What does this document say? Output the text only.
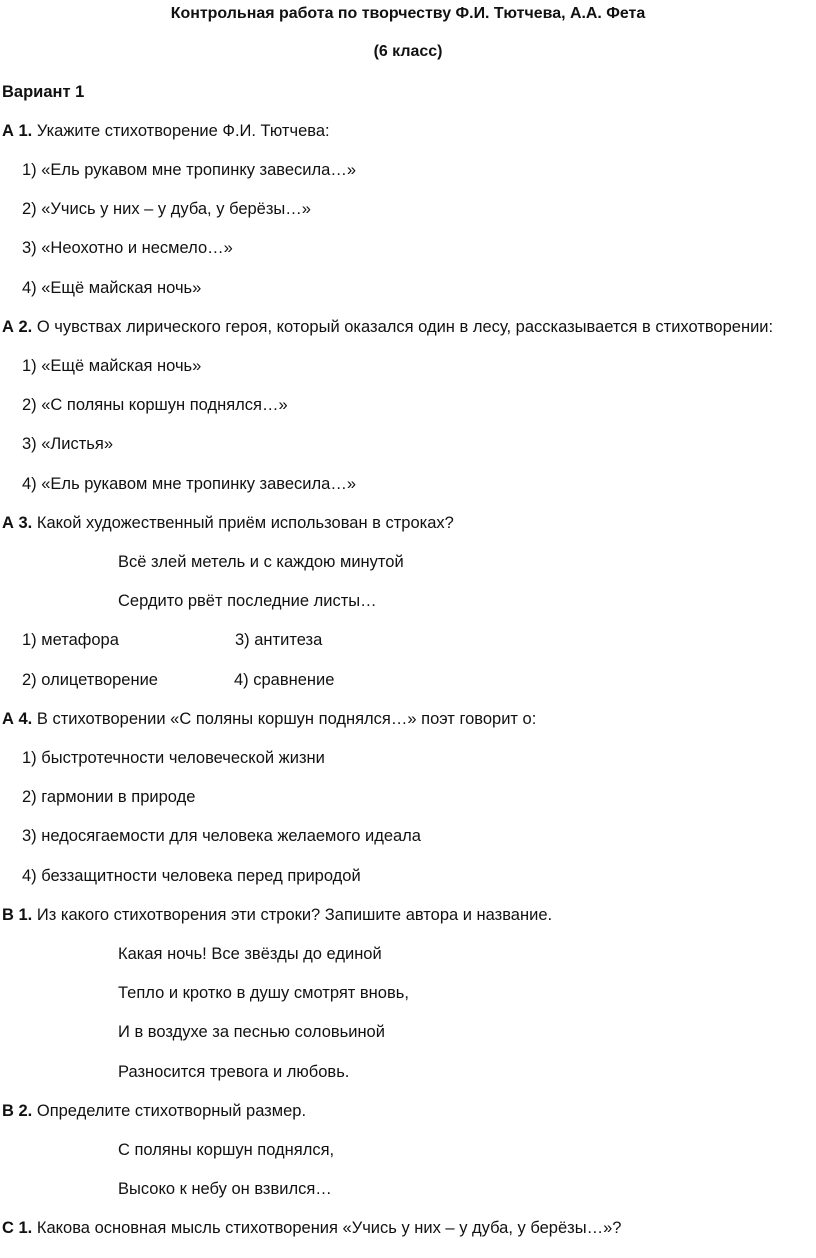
Контрольная работа по творчеству Ф.И. Тютчева, А.А. Фета
(6 класс)
Вариант 1
А 1. Укажите стихотворение Ф.И. Тютчева:
1) «Ель рукавом мне тропинку завесила…»
2) «Учись у них – у дуба, у берёзы…»
3) «Неохотно и несмело…»
4) «Ещё майская ночь»
А 2. О чувствах лирического героя, который оказался один в лесу, рассказывается в стихотворении:
1) «Ещё майская ночь»
2) «С поляны коршун поднялся…»
3) «Листья»
4) «Ель рукавом мне тропинку завесила…»
А 3. Какой художественный приём использован в строках?
Всё злей метель и с каждою минутой
Сердито рвёт последние листы…
1) метафора	3) антитеза
2) олицетворение	4) сравнение
А 4. В стихотворении «С поляны коршун поднялся…» поэт говорит о:
1) быстротечности человеческой жизни
2) гармонии в природе
3) недосягаемости для человека желаемого идеала
4) беззащитности человека перед природой
В 1. Из какого стихотворения эти строки? Запишите автора и название.
Какая ночь! Все звёзды до единой
Тепло и кротко в душу смотрят вновь,
И в воздухе за песнью соловьиной
Разносится тревога и любовь.
В 2. Определите стихотворный размер.
С поляны коршун поднялся,
Высоко к небу он взвился…
С 1. Какова основная мысль стихотворения «Учись у них – у дуба, у берёзы…»?
